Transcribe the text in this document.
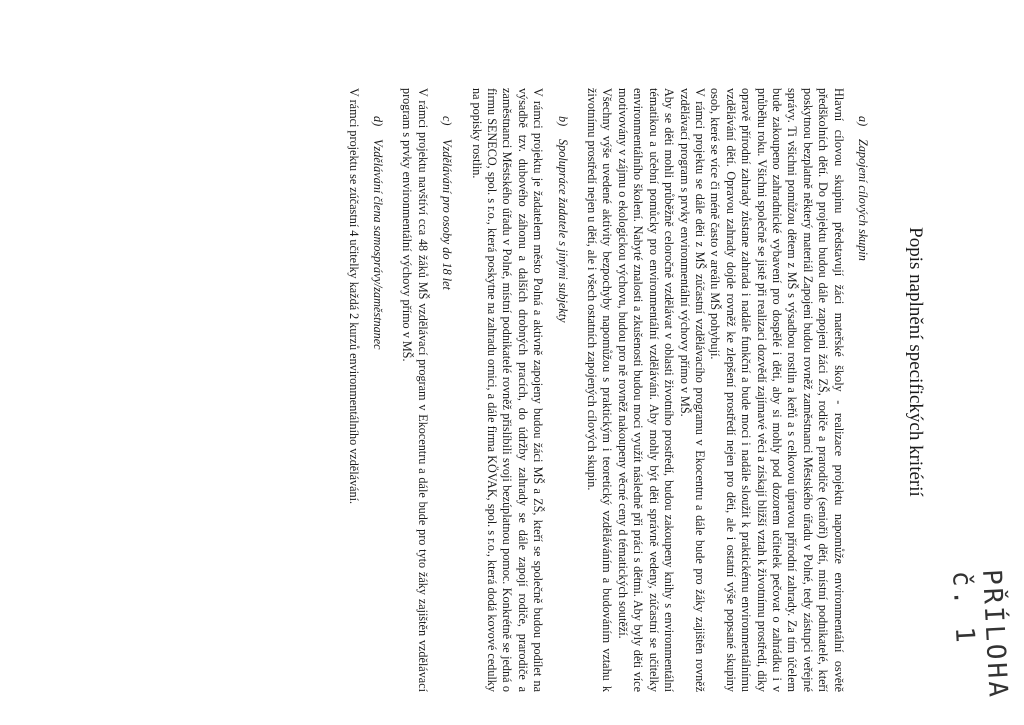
PŘÍLOHA č. 1
Popis naplnění specifických kritérií
a) Zapojení cílových skupin

Hlavní cílovou skupinu představují žáci mateřské školy - realizace projektu napomůže environmentální osvětě předškolních dětí. Do projektu budou dále zapojeni žáci ZŠ, rodiče a prarodiče (senioři) dětí, místní podnikatelé, kteří poskytnou bezplatně některý materiál Zapojeni budou rovněž zaměstnanci Městského úřadu v Polné, tedy zástupci veřejné správy. Ti všichni pomůžou dětem z MŠ s výsadbou rostlin a keřů a s celkovou úpravou přírodní zahrady. Za tím účelem bude zakoupeno zahradnické vybavení pro dospělé i děti, aby si mohly pod dozorem učitelek pečovat o zahrádku i v průběhu roku. Všichni společně se jistě při realizaci dozvědí zajímavé věci a získají bližší vztah k životnímu prostředí, díky opravě přírodní zahrady zůstane zahrada i nadále funkční a bude moci i nadále sloužit k praktickému environmentálnímu vzdělávání dětí. Opravou zahrady dojde rovněž ke zlepšení prostředí nejen pro děti, ale i ostatní výše popsané skupiny osob, které se více či méně často v areálu MŠ pohybují.

V rámci projektu se dále děti z MŠ zúčastní vzdělávacího programu v Ekocentru a dále bude pro žáky zajištěn rovněž vzdělávací program s prvky environmentální výchovy přímo v MŠ.

Aby se děti mohli průběžně celoročně vzdělávat v oblasti životního prostředí, budou zakoupeny knihy s environmentální tématikou a učební pomůcky pro environmentální vzdělávání. Aby mohly být děti správně vedeny, zúčastní se učitelky environmentálního školení. Nabyté znalosti a zkušenosti budou moci využít následně při práci s dětmi. Aby byly děti více motivovány v zájmu o ekologickou výchovu, budou pro ně rovněž nakoupeny věcné ceny d tématických soutěží.

Všechny výše uvedené aktivity bezpochyby napomůžou s praktickým i teoretický vzděláváním a budováním vztahu k životnímu prostředí nejen u dětí, ale i všech ostatních zapojených cílových skupin.

b) Spolupráce žadatele s jinými subjekty

V rámci projektu je žadatelem město Polná a aktivně zapojeny budou žáci MŠ a ZŠ, kteří se společně budou podílet na výsadbě tzv. dubového záhonu a dalších drobných pracích, do údržby zahrady se dále zapojí rodiče, prarodiče a zaměstnanci Městského úřadu v Polné, místní podnikatelé rovněž přislíbili svoji bezúplatnou pomoc. Konkrétně se jedná o firmu SENECO, spol. s r.o., která poskytne na zahradu ornici, a dále firma KÖVAK, spol. s r.o., která dodá kovové cedulky na popisky rostlin.

c) Vzdělávání pro osoby do 18 let

V rámci projektu navštíví cca 48 žáků MŠ vzdělávací program v Ekocentru a dále bude pro tyto žáky zajištěn vzdělávací program s prvky environmentální výchovy přímo v MŠ.

d) Vzdělávání člena samosprávy/zaměstnanec

V rámci projektu se zúčastní 4 učitelky každá 2 kurzů environmentálního vzdělávání.
